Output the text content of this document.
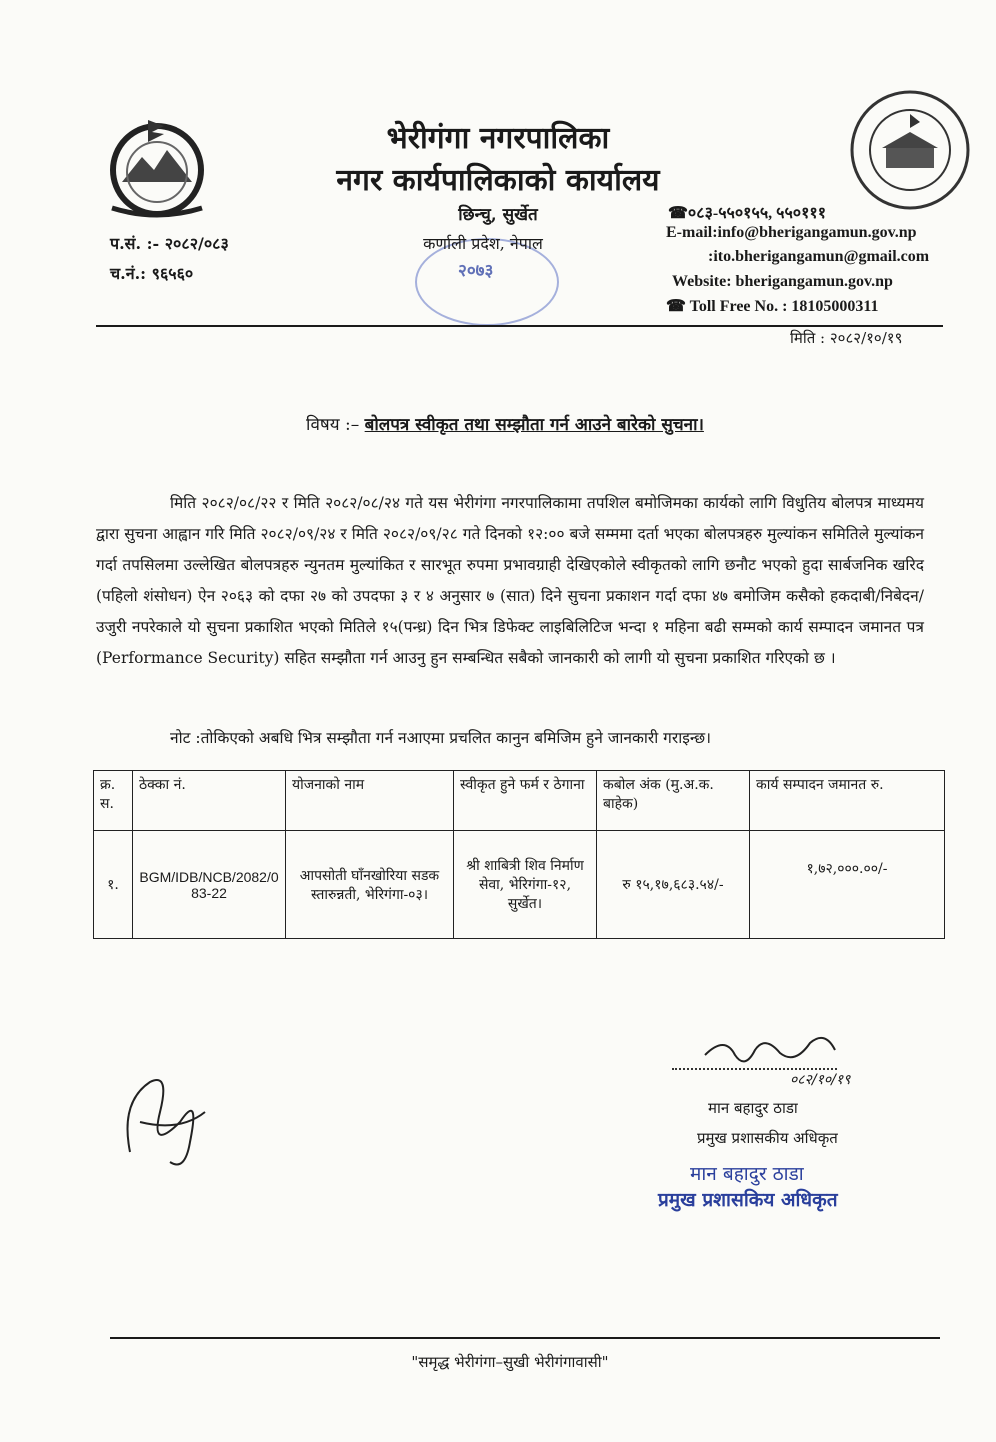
भेरीगंगा नगरपालिका
नगर कार्यपालिकाको कार्यालय
२०७३
छिन्चु, सुर्खेत
कर्णाली प्रदेश, नेपाल
प.सं. :- २०८२/०८३
च.नं.: ९६५६०
☎०८३-५५०१५५, ५५०१११
E-mail:info@bherigangamun.gov.np
:ito.bherigangamun@gmail.com
Website: bherigangamun.gov.np
☎ Toll Free No. : 18105000311
मिति : २०८२/१०/१९
विषय :– बोलपत्र स्वीकृत तथा सम्झौता गर्न आउने बारेको सुचना।
मिति २०८२/०८/२२ र मिति २०८२/०८/२४ गते यस भेरीगंगा नगरपालिकामा तपशिल बमोजिमका कार्यको लागि विधुतिय बोलपत्र माध्यमय द्वारा सुचना आह्वान गरि मिति २०८२/०९/२४ र मिति २०८२/०९/२८ गते दिनको १२:०० बजे सम्ममा दर्ता भएका बोलपत्रहरु मुल्यांकन समितिले मुल्यांकन गर्दा तपसिलमा उल्लेखित बोलपत्रहरु न्युनतम मुल्यांकित र सारभूत रुपमा प्रभावग्राही देखिएकोले स्वीकृतको लागि छनौट भएको हुदा सार्बजनिक खरिद (पहिलो शंसोधन) ऐन २०६३ को दफा २७ को उपदफा ३ र ४ अनुसार ७ (सात) दिने सुचना प्रकाशन गर्दा दफा ४७ बमोजिम कसैको हकदाबी/निबेदन/उजुरी नपरेकाले यो सुचना प्रकाशित भएको मितिले १५(पन्ध्र) दिन भित्र डिफेक्ट लाइबिलिटिज भन्दा १ महिना बढी सम्मको कार्य सम्पादन जमानत पत्र (Performance Security) सहित सम्झौता गर्न आउनु हुन सम्बन्धित सबैको जानकारी को लागी यो सुचना प्रकाशित गरिएको छ ।
नोट :तोकिएको अबधि भित्र सम्झौता गर्न नआएमा प्रचलित कानुन बमिजिम हुने जानकारी गराइन्छ।
क्र. स.	ठेक्का नं.	योजनाको नाम	स्वीकृत हुने फर्म र ठेगाना	कबोल अंक (मु.अ.क. बाहेक)	कार्य सम्पादन जमानत रु.
१.	BGM/IDB/NCB/2082/083-22	आपसोती घाँनखोरिया सडक स्तारुन्नती, भेरिगंगा-०३।	श्री शाबित्री शिव निर्माण सेवा, भेरिगंगा-१२, सुर्खेत।	रु १५,१७,६८३.५४/-	१,७२,०००.००/-
०८२/१०/१९
मान बहादुर ठाडा
प्रमुख प्रशासकीय अधिकृत
मान बहादुर ठाडा
प्रमुख प्रशासकिय अधिकृत
"समृद्ध भेरीगंगा–सुखी भेरीगंगावासी"
